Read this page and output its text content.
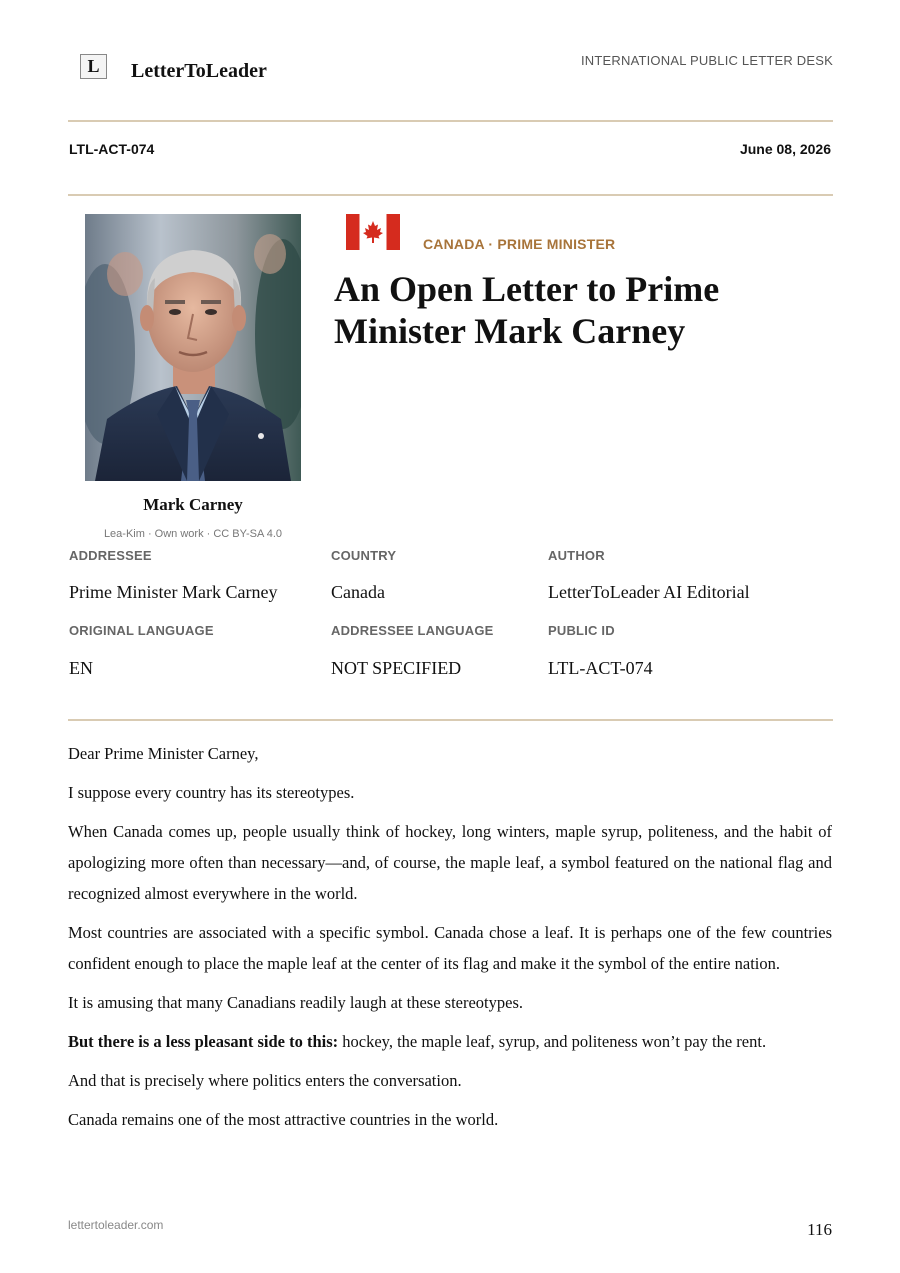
L	LetterToLeader	INTERNATIONAL PUBLIC LETTER DESK
LTL-ACT-074	June 08, 2026
Mark Carney
Lea-Kim · Own work · CC BY-SA 4.0
CANADA · PRIME MINISTER
An Open Letter to Prime Minister Mark Carney
ADDRESSEE	COUNTRY	AUTHOR
Prime Minister Mark Carney	Canada	LetterToLeader AI Editorial
ORIGINAL LANGUAGE	ADDRESSEE LANGUAGE	PUBLIC ID
EN	NOT SPECIFIED	LTL-ACT-074

Dear Prime Minister Carney,

I suppose every country has its stereotypes.

When Canada comes up, people usually think of hockey, long winters, maple syrup, politeness, and the habit of apologizing more often than necessary—and, of course, the maple leaf, a symbol featured on the national flag and recognized almost everywhere in the world.

Most countries are associated with a specific symbol. Canada chose a leaf. It is perhaps one of the few countries confident enough to place the maple leaf at the center of its flag and make it the symbol of the entire nation.

It is amusing that many Canadians readily laugh at these stereotypes.

But there is a less pleasant side to this: hockey, the maple leaf, syrup, and politeness won’t pay the rent.

And that is precisely where politics enters the conversation.

Canada remains one of the most attractive countries in the world.

lettertoleader.com	116
